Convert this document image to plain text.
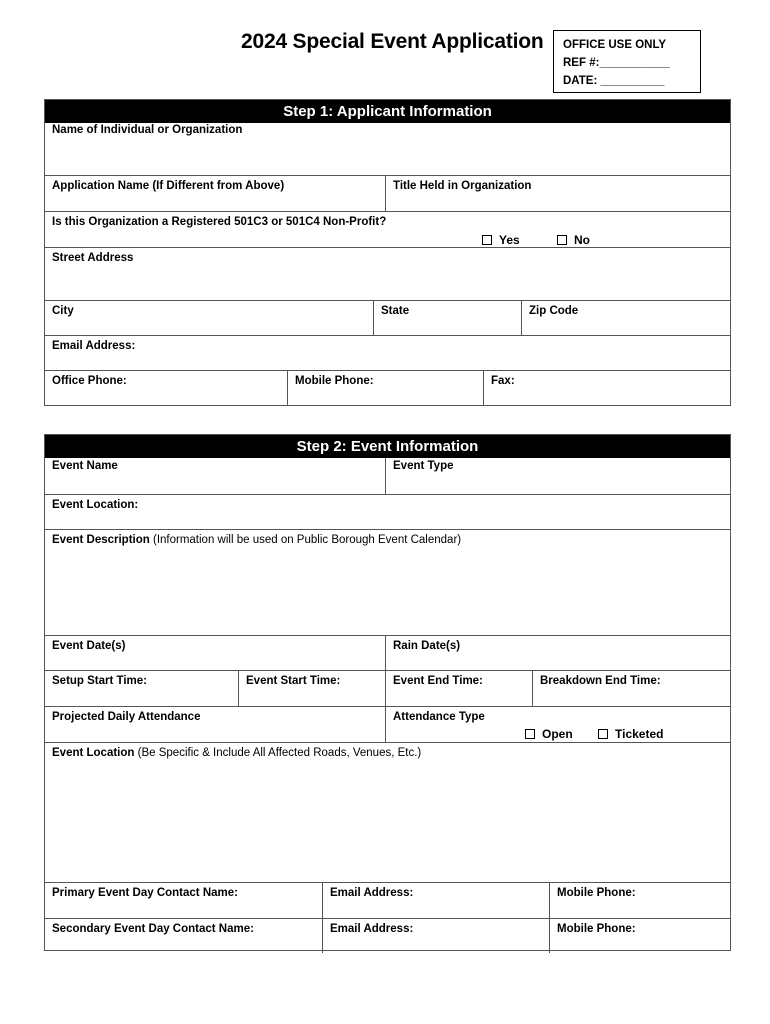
2024 Special Event Application OFFICE USE ONLY
REF #:___________
DATE: __________
Step 1: Applicant Information
Name of Individual or Organization
Application Name (If Different from Above)	Title Held in Organization
Is this Organization a Registered 501C3 or 501C4 Non-Profit?
Yes	No
Street Address
City	State	Zip Code
Email Address:
Office Phone:	Mobile Phone:	Fax:
Step 2: Event Information
Event Name	Event Type
Event Location:
Event Description (Information will be used on Public Borough Event Calendar)
Event Date(s)	Rain Date(s)
Setup Start Time:	Event Start Time:	Event End Time:	Breakdown End Time:
Projected Daily Attendance	Attendance Type
Open	Ticketed
Event Location (Be Specific & Include All Affected Roads, Venues, Etc.)
Primary Event Day Contact Name:	Email Address:	Mobile Phone:
Secondary Event Day Contact Name:	Email Address:	Mobile Phone:
